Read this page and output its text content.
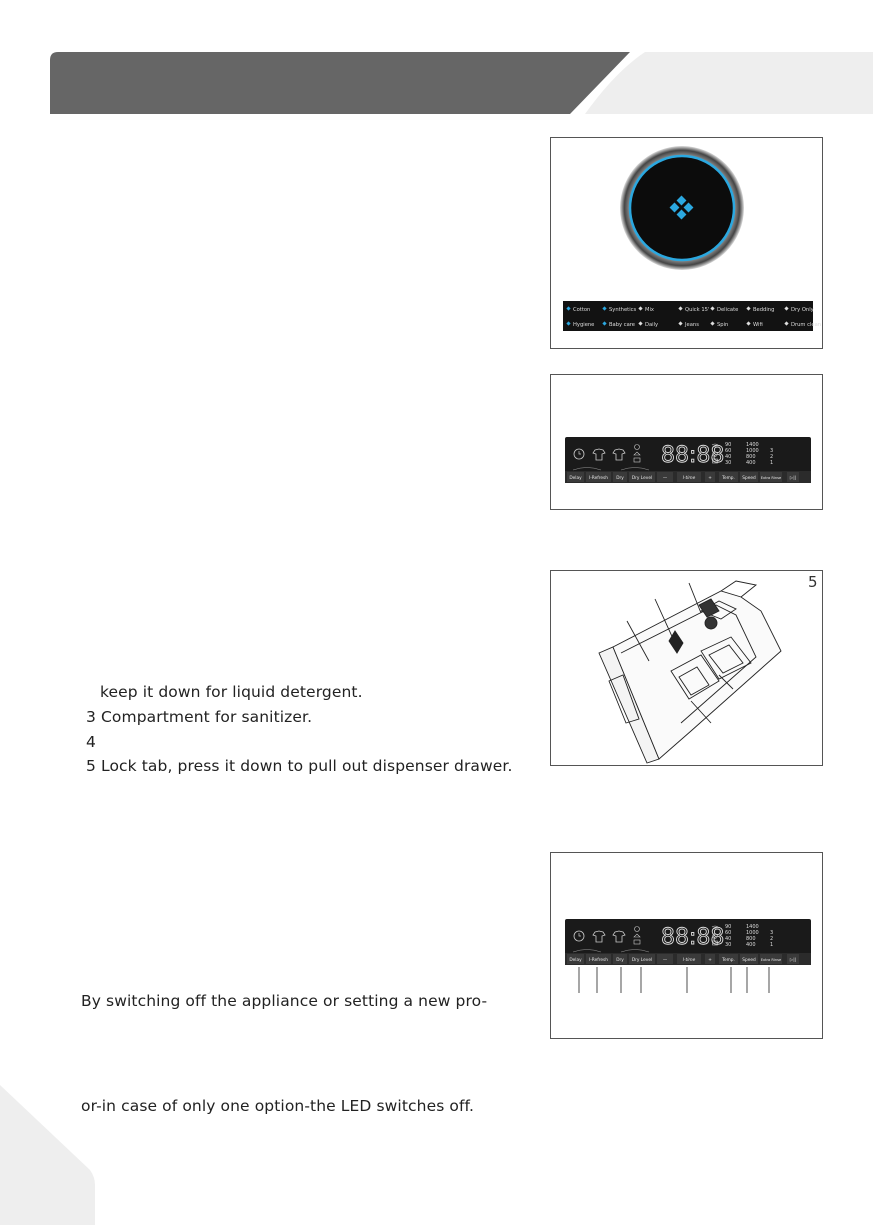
Cotton	Synthetics Mix	Quick 15' Delicate	Bedding	Dry Only
Hygiene	Baby care Daily	Jeans	Spin	Wifi	Drum clean
88:88 90
60
40
30
1400
1000
800
400
3
2
1
Delay I-Refresh Dry Dry Level —	I-time	+ Temp. Speed Extra Rinse ▷||
5
88:88 90
60
40
30
1400
1000
800
400
3
2
1
Delay I-Refresh Dry Dry Level —	I-time	+ Temp. Speed Extra Rinse ▷||
keep it down for liquid detergent.
3 Compartment for sanitizer.
4
5 Lock tab, press it down to pull out dispenser drawer.
By switching off the appliance or setting a new pro-
or-in case of only one option-the LED switches off.
